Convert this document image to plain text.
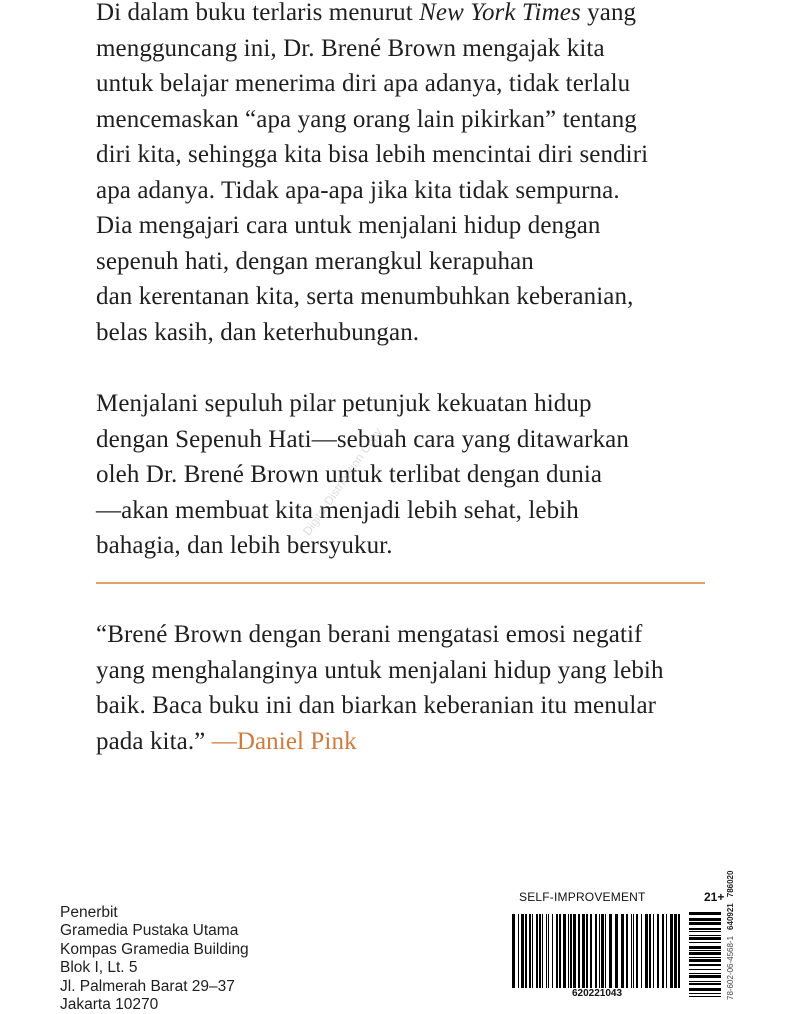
Di dalam buku terlaris menurut New York Times yang
mengguncang ini, Dr. Brené Brown mengajak kita
untuk belajar menerima diri apa adanya, tidak terlalu
mencemaskan “apa yang orang lain pikirkan” tentang
diri kita, sehingga kita bisa lebih mencintai diri sendiri
apa adanya. Tidak apa-apa jika kita tidak sempurna.
Dia mengajari cara untuk menjalani hidup dengan
sepenuh hati, dengan merangkul kerapuhan
dan kerentanan kita, serta menumbuhkan keberanian,
belas kasih, dan keterhubungan.
Menjalani sepuluh pilar petunjuk kekuatan hidup
dengan Sepenuh Hati—sebuah cara yang ditawarkan
oleh Dr. Brené Brown untuk terlibat dengan dunia
—akan membuat kita menjadi lebih sehat, lebih
bahagia, dan lebih bersyukur.
Digital Distribution Copy
“Brené Brown dengan berani mengatasi emosi negatif
yang menghalanginya untuk menjalani hidup yang lebih
baik. Baca buku ini dan biarkan keberanian itu menular
pada kita.” —Daniel Pink
Penerbit
Gramedia Pustaka Utama
Kompas Gramedia Building
Blok I, Lt. 5
Jl. Palmerah Barat 29–37
Jakarta 10270
SELF-IMPROVEMENT	21+
620221043	78-602-06-4568-1
640921
786020
